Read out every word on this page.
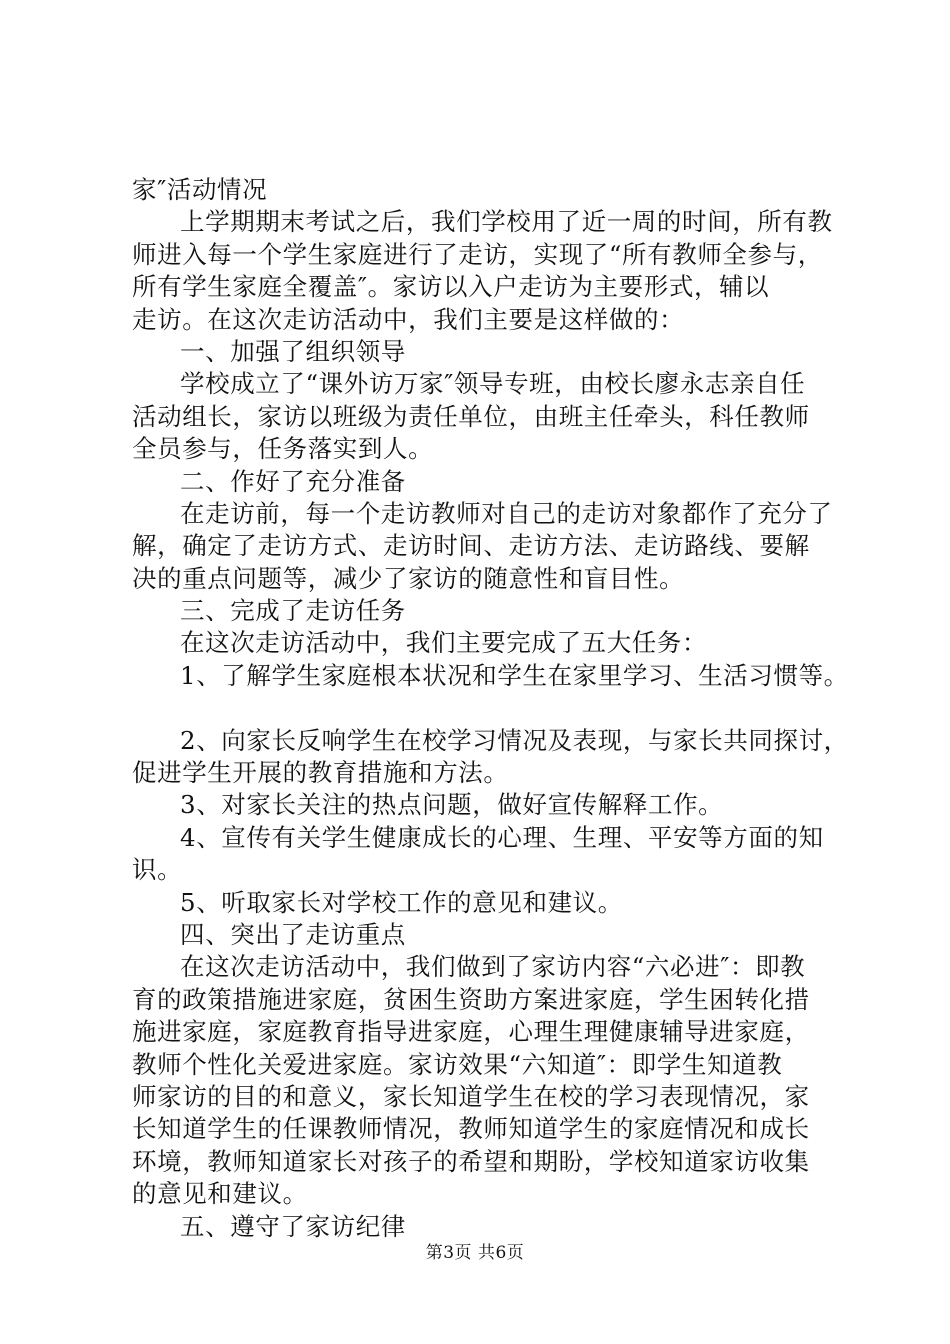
家″活动情况
上学期期末考试之后，我们学校用了近一周的时间，所有教
师进入每一个学生家庭进行了走访，实现了“所有教师全参与，
所有学生家庭全覆盖″。家访以入户走访为主要形式，辅以
走访。在这次走访活动中，我们主要是这样做的：
一、加强了组织领导
学校成立了“课外访万家″领导专班，由校长廖永志亲自任
活动组长，家访以班级为责任单位，由班主任牵头，科任教师
全员参与，任务落实到人。
二、作好了充分准备
在走访前，每一个走访教师对自己的走访对象都作了充分了
解，确定了走访方式、走访时间、走访方法、走访路线、要解
决的重点问题等，减少了家访的随意性和盲目性。
三、完成了走访任务
在这次走访活动中，我们主要完成了五大任务：
1、了解学生家庭根本状况和学生在家里学习、生活习惯等。
2、向家长反响学生在校学习情况及表现，与家长共同探讨，
促进学生开展的教育措施和方法。
3、对家长关注的热点问题，做好宣传解释工作。
4、宣传有关学生健康成长的心理、生理、平安等方面的知
识。
5、听取家长对学校工作的意见和建议。
四、突出了走访重点
在这次走访活动中，我们做到了家访内容“六必进″：即教
育的政策措施进家庭，贫困生资助方案进家庭，学生困转化措
施进家庭，家庭教育指导进家庭，心理生理健康辅导进家庭，
教师个性化关爱进家庭。家访效果“六知道″：即学生知道教
师家访的目的和意义，家长知道学生在校的学习表现情况，家
长知道学生的任课教师情况，教师知道学生的家庭情况和成长
环境，教师知道家长对孩子的希望和期盼，学校知道家访收集
的意见和建议。
五、遵守了家访纪律
第3页 共6页
